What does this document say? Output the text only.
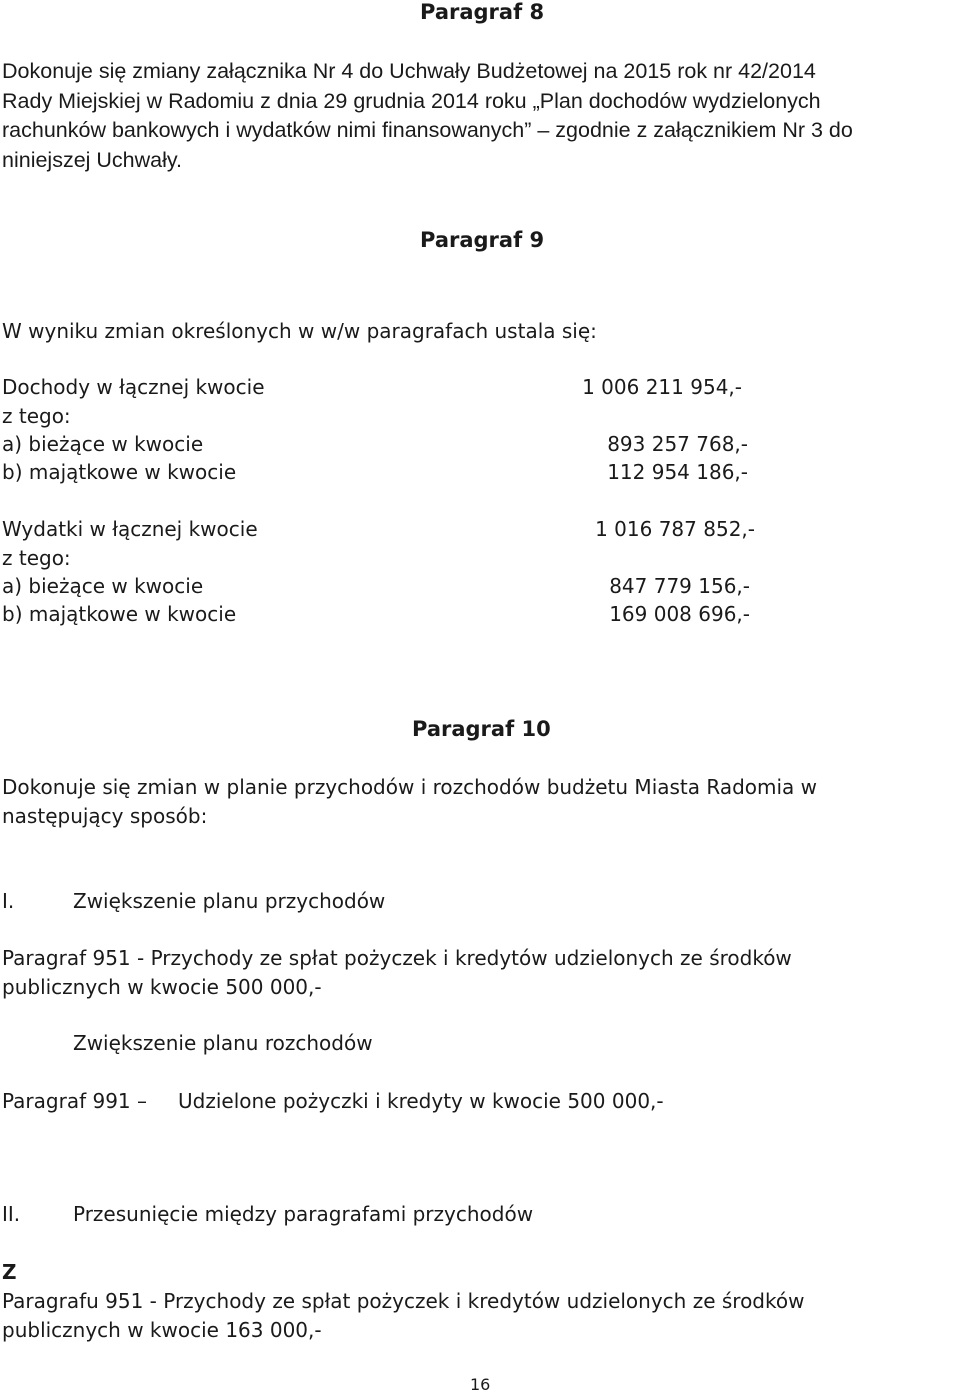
Paragraf 8
Dokonuje się zmiany załącznika Nr 4 do Uchwały Budżetowej na 2015 rok nr 42/2014
Rady Miejskiej w Radomiu z dnia 29 grudnia 2014 roku „Plan dochodów wydzielonych
rachunków bankowych i wydatków nimi finansowanych” – zgodnie z załącznikiem Nr 3 do
niniejszej Uchwały.
Paragraf 9
W wyniku zmian określonych w w/w paragrafach ustala się:
Dochody w łącznej kwocie	1 006 211 954,-
z tego:
a) bieżące w kwocie	893 257 768,-
b) majątkowe w kwocie	112 954 186,-
Wydatki w łącznej kwocie	1 016 787 852,-
z tego:
a) bieżące w kwocie	847 779 156,-
b) majątkowe w kwocie	169 008 696,-
Paragraf 10
Dokonuje się zmian w planie przychodów i rozchodów budżetu Miasta Radomia w
następujący sposób:
I.	Zwiększenie planu przychodów
Paragraf 951 - Przychody ze spłat pożyczek i kredytów udzielonych ze środków
publicznych w kwocie 500 000,-
Zwiększenie planu rozchodów
Paragraf 991 – Udzielone pożyczki i kredyty w kwocie 500 000,-
II.	Przesunięcie między paragrafami przychodów
Z
Paragrafu 951 - Przychody ze spłat pożyczek i kredytów udzielonych ze środków
publicznych w kwocie 163 000,-
16
